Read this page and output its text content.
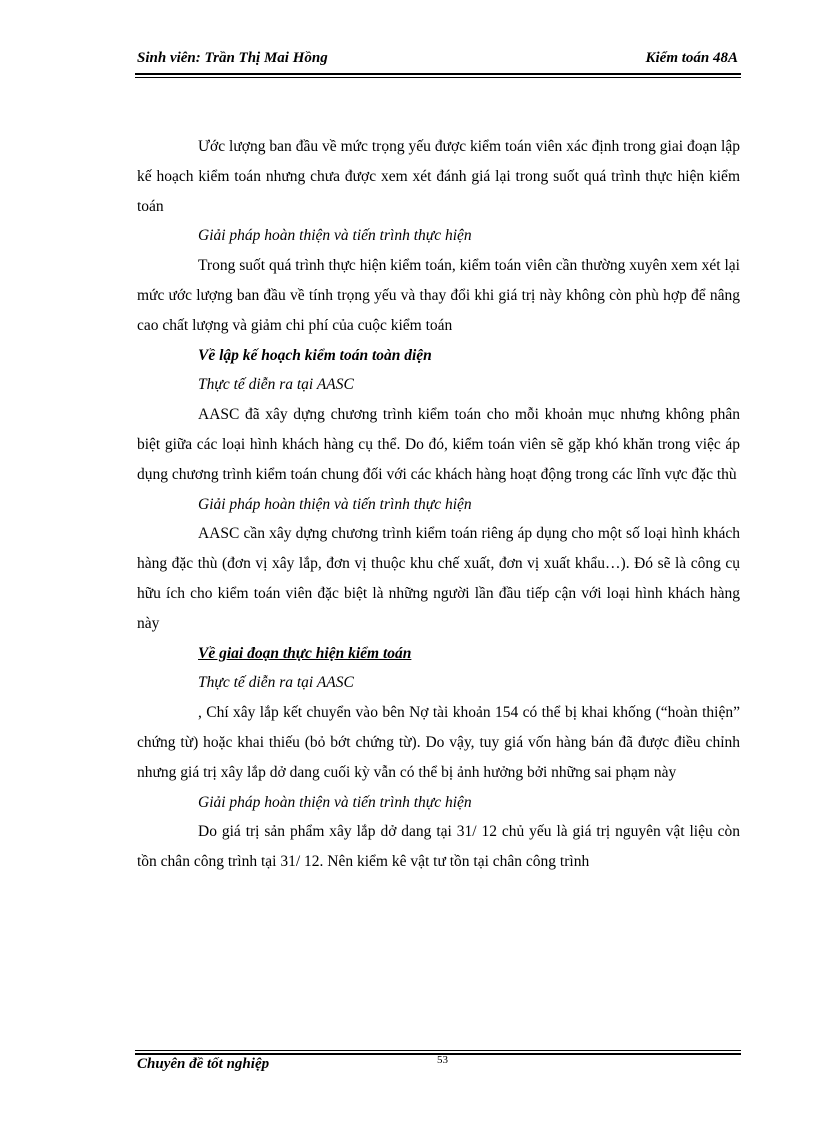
Sinh viên: Trần Thị Mai Hồng	Kiểm toán 48A

Ước lượng ban đầu về mức trọng yếu được kiểm toán viên xác định trong giai đoạn lập kế hoạch kiểm toán nhưng chưa được xem xét đánh giá lại trong suốt quá trình thực hiện kiểm toán

Giải pháp hoàn thiện và tiến trình thực hiện

Trong suốt quá trình thực hiện kiểm toán, kiểm toán viên cần thường xuyên xem xét lại mức ước lượng ban đầu về tính trọng yếu và thay đổi khi giá trị này không còn phù hợp để nâng cao chất lượng và giảm chi phí của cuộc kiểm toán

Về lập kế hoạch kiểm toán toàn diện

Thực tế diễn ra tại AASC

AASC đã xây dựng chương trình kiểm toán cho mỗi khoản mục nhưng không phân biệt giữa các loại hình khách hàng cụ thể. Do đó, kiểm toán viên sẽ gặp khó khăn trong việc áp dụng chương trình kiểm toán chung đối với các khách hàng hoạt động trong các lĩnh vực đặc thù

Giải pháp hoàn thiện và tiến trình thực hiện

AASC cần xây dựng chương trình kiểm toán riêng áp dụng cho một số loại hình khách hàng đặc thù (đơn vị xây lắp, đơn vị thuộc khu chế xuất, đơn vị xuất khẩu…). Đó sẽ là công cụ hữu ích cho kiểm toán viên đặc biệt là những người lần đầu tiếp cận với loại hình khách hàng này

Về giai đoạn thực hiện kiểm toán

Thực tế diễn ra tại AASC

, Chí xây lắp kết chuyển vào bên Nợ tài khoản 154 có thể bị khai khống (“hoàn thiện” chứng từ) hoặc khai thiếu (bỏ bớt chứng từ). Do vậy, tuy giá vốn hàng bán đã được điều chỉnh nhưng giá trị xây lắp dở dang cuối kỳ vẫn có thể bị ảnh hưởng bởi những sai phạm này

Giải pháp hoàn thiện và tiến trình thực hiện

Do giá trị sản phẩm xây lắp dở dang tại 31/ 12 chủ yếu là giá trị nguyên vật liệu còn tồn chân công trình tại 31/ 12. Nên kiểm kê vật tư tồn tại chân công trình

Chuyên đề tốt nghiệp	53
